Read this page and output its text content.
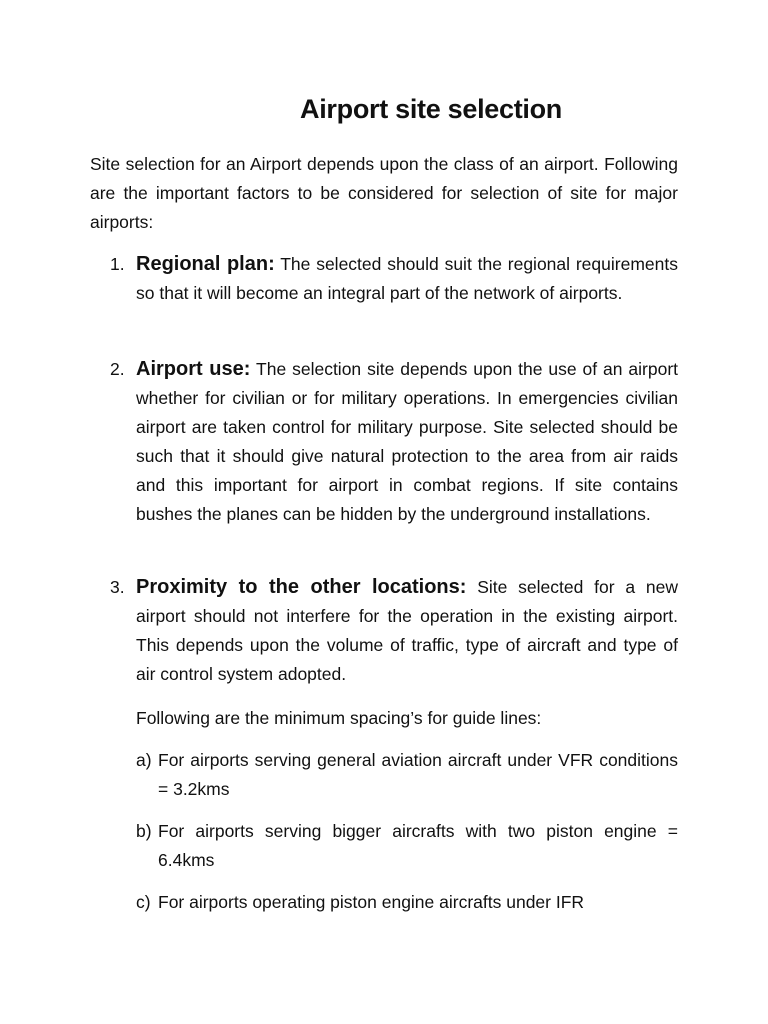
Airport site selection
Site selection for an Airport depends upon the class of an airport. Following are the important factors to be considered for selection of site for major airports:
1. Regional plan: The selected should suit the regional requirements so that it will become an integral part of the network of airports.
2. Airport use: The selection site depends upon the use of an airport whether for civilian or for military operations. In emergencies civilian airport are taken control for military purpose. Site selected should be such that it should give natural protection to the area from air raids and this important for airport in combat regions. If site contains bushes the planes can be hidden by the underground installations.
3. Proximity to the other locations: Site selected for a new airport should not interfere for the operation in the existing airport. This depends upon the volume of traffic, type of aircraft and type of air control system adopted.
Following are the minimum spacing’s for guide lines:
a) For airports serving general aviation aircraft under VFR conditions = 3.2kms
b) For airports serving bigger aircrafts with two piston engine = 6.4kms
c) For airports operating piston engine aircrafts under IFR
